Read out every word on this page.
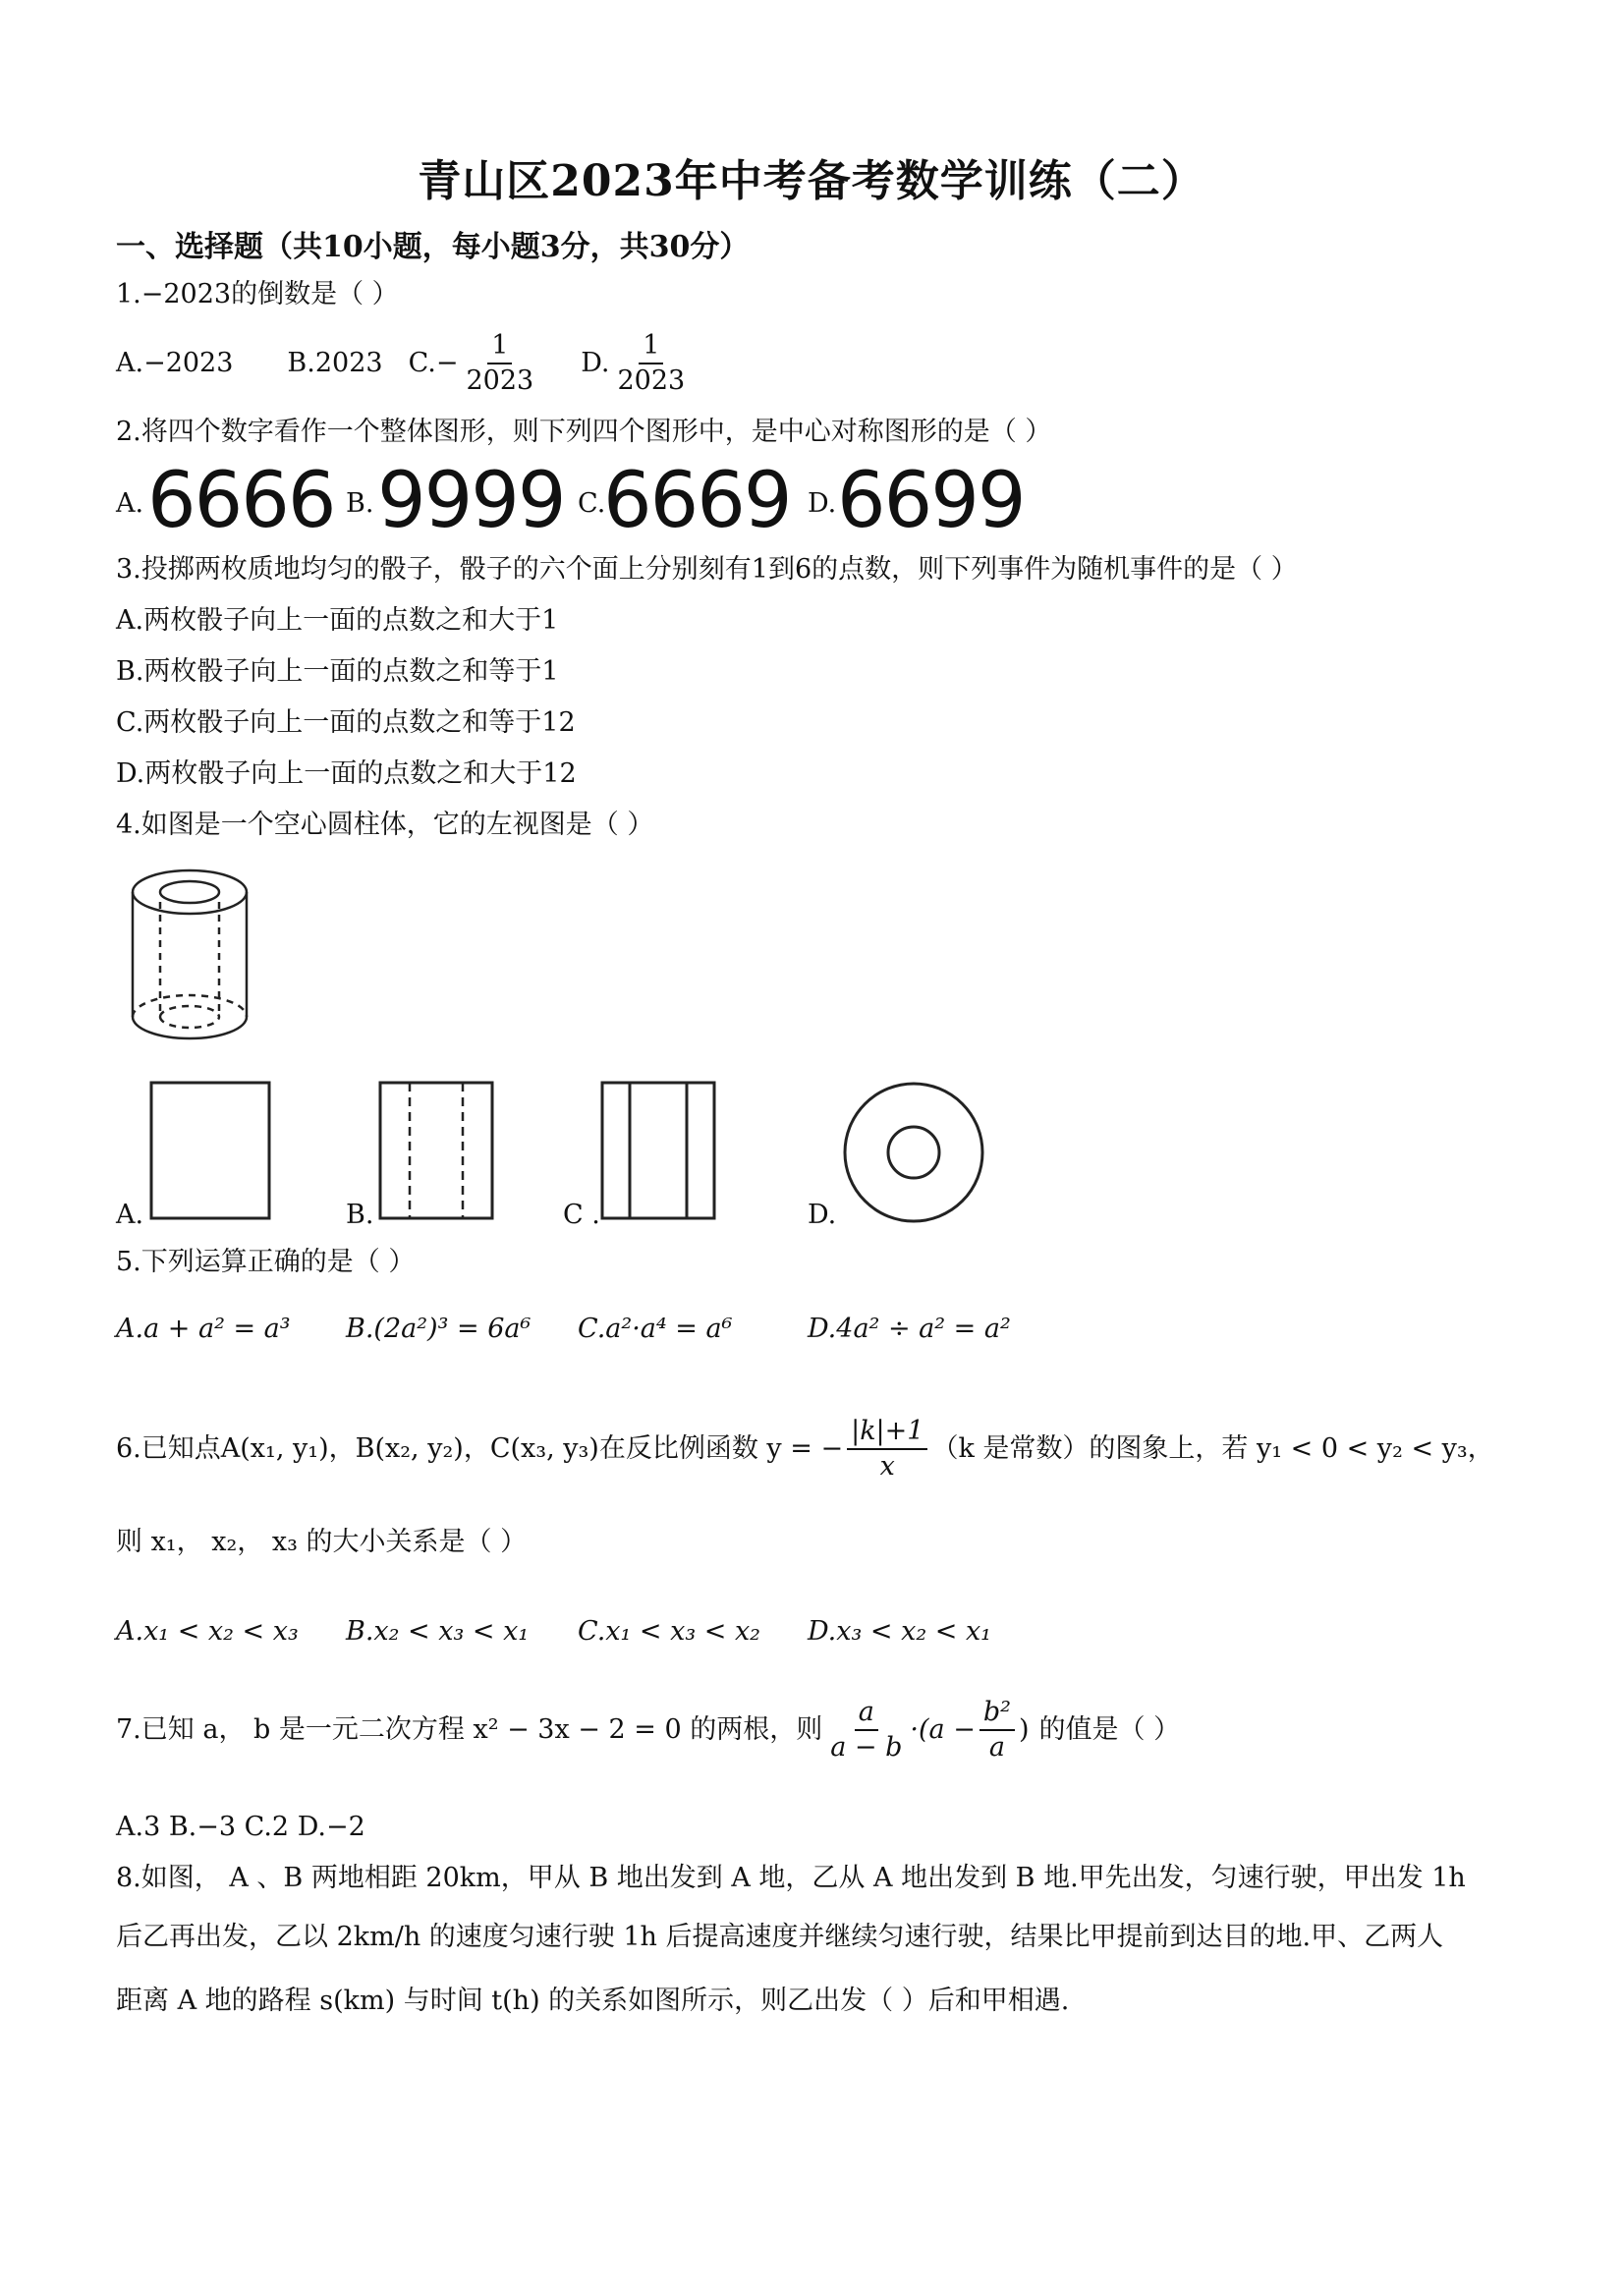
青山区2023年中考备考数学训练（二）
一、选择题（共10小题，每小题3分，共30分）
1.−2023的倒数是（ ）
A.−2023 B.2023 $C.- \frac{1}{2023} D$. $\frac{1}{2023}$
2.将四个数字看作一个整体图形，则下列四个图形中，是中心对称图形的是（ ）
A. 6666 B. 9999 C.
6669 D. 6699
3.投掷两枚质地均匀的骰子，骰子的六个面上分别刻有1到6的点数，则下列事件为随机事件的是（ ）
A.两枚骰子向上一面的点数之和大于1
B.两枚骰子向上一面的点数之和等于1
C.两枚骰子向上一面的点数之和等于12
D.两枚骰子向上一面的点数之和大于12
4.如图是一个空心圆柱体，它的左视图是（ ）
A.	B.	C .	D.
5.下列运算正确的是（ ）
A.a + a² = a³ B.(2a²)³ = 6a⁶ C.a²·a⁴ = a⁶	D.4a² ÷ a² = a²
6.已知点A(x₁, y₁)，B(x₂, y₂)，C(x₃, y₃)在反比例函数 y = − $\frac{|k|+1}{x} (k$ 是常数）的图象上，若 y₁ < 0 < y₂ < y₃，
则 x₁， x₂， x₃ 的大小关系是（ ）
A.x₁ < x₂ < x₃ B.x₂ < x₃ < x₁ C.x₁ < x₃ < x₂ D.x₃ < x₂ < x₁
7.已知 a， b 是一元二次方程 x² − 3x − 2 = 0 的两根，则 $\frac{a}{a - b} \cdot(a - \frac{\text{b²}}{a}$ ) 的值是（ ）
A.3 B.−3 C.2 D.−2
8.如图， A 、B 两地相距 20km，甲从 B 地出发到 A 地，乙从 A 地出发到 B 地.甲先出发，匀速行驶，甲出发 1h
后乙再出发，乙以 2km/h 的速度匀速行驶 1h 后提高速度并继续匀速行驶，结果比甲提前到达目的地.甲、乙两人
距离 A 地的路程 s(km) 与时间 t(h) 的关系如图所示，则乙出发（ ）后和甲相遇.
